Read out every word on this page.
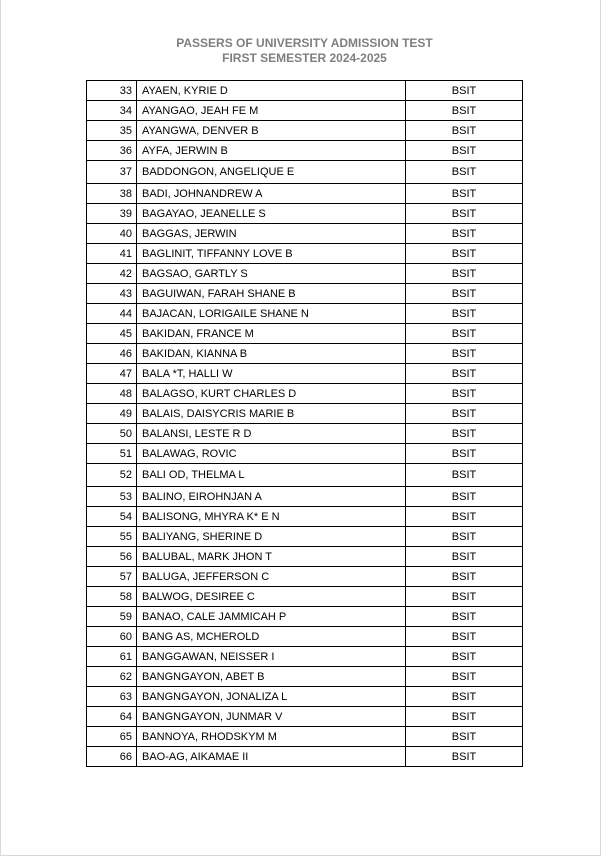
PASSERS OF UNIVERSITY ADMISSION TEST
FIRST SEMESTER 2024-2025
33	AYAEN, KYRIE D	BSIT
34	AYANGAO, JEAH FE M	BSIT
35	AYANGWA, DENVER B	BSIT
36	AYFA, JERWIN B	BSIT
37	BADDONGON, ANGELIQUE E	BSIT
38	BADI, JOHNANDREW A	BSIT
39	BAGAYAO, JEANELLE S	BSIT
40	BAGGAS, JERWIN	BSIT
41	BAGLINIT, TIFFANNY LOVE B	BSIT
42	BAGSAO, GARTLY S	BSIT
43	BAGUIWAN, FARAH SHANE B	BSIT
44	BAJACAN, LORIGAILE SHANE N	BSIT
45	BAKIDAN, FRANCE M	BSIT
46	BAKIDAN, KIANNA B	BSIT
47	BALA *T, HALLI W	BSIT
48	BALAGSO, KURT CHARLES D	BSIT
49	BALAIS, DAISYCRIS MARIE B	BSIT
50	BALANSI, LESTE R D	BSIT
51	BALAWAG, ROVIC	BSIT
52	BALI OD, THELMA L	BSIT
53	BALINO, EIROHNJAN A	BSIT
54	BALISONG, MHYRA K* E N	BSIT
55	BALIYANG, SHERINE D	BSIT
56	BALUBAL, MARK JHON T	BSIT
57	BALUGA, JEFFERSON C	BSIT
58	BALWOG, DESIREE C	BSIT
59	BANAO, CALE JAMMICAH P	BSIT
60	BANG AS, MCHEROLD	BSIT
61	BANGGAWAN, NEISSER I	BSIT
62	BANGNGAYON, ABET B	BSIT
63	BANGNGAYON, JONALIZA L	BSIT
64	BANGNGAYON, JUNMAR V	BSIT
65	BANNOYA, RHODSKYM M	BSIT
66	BAO-AG, AIKAMAE II	BSIT
